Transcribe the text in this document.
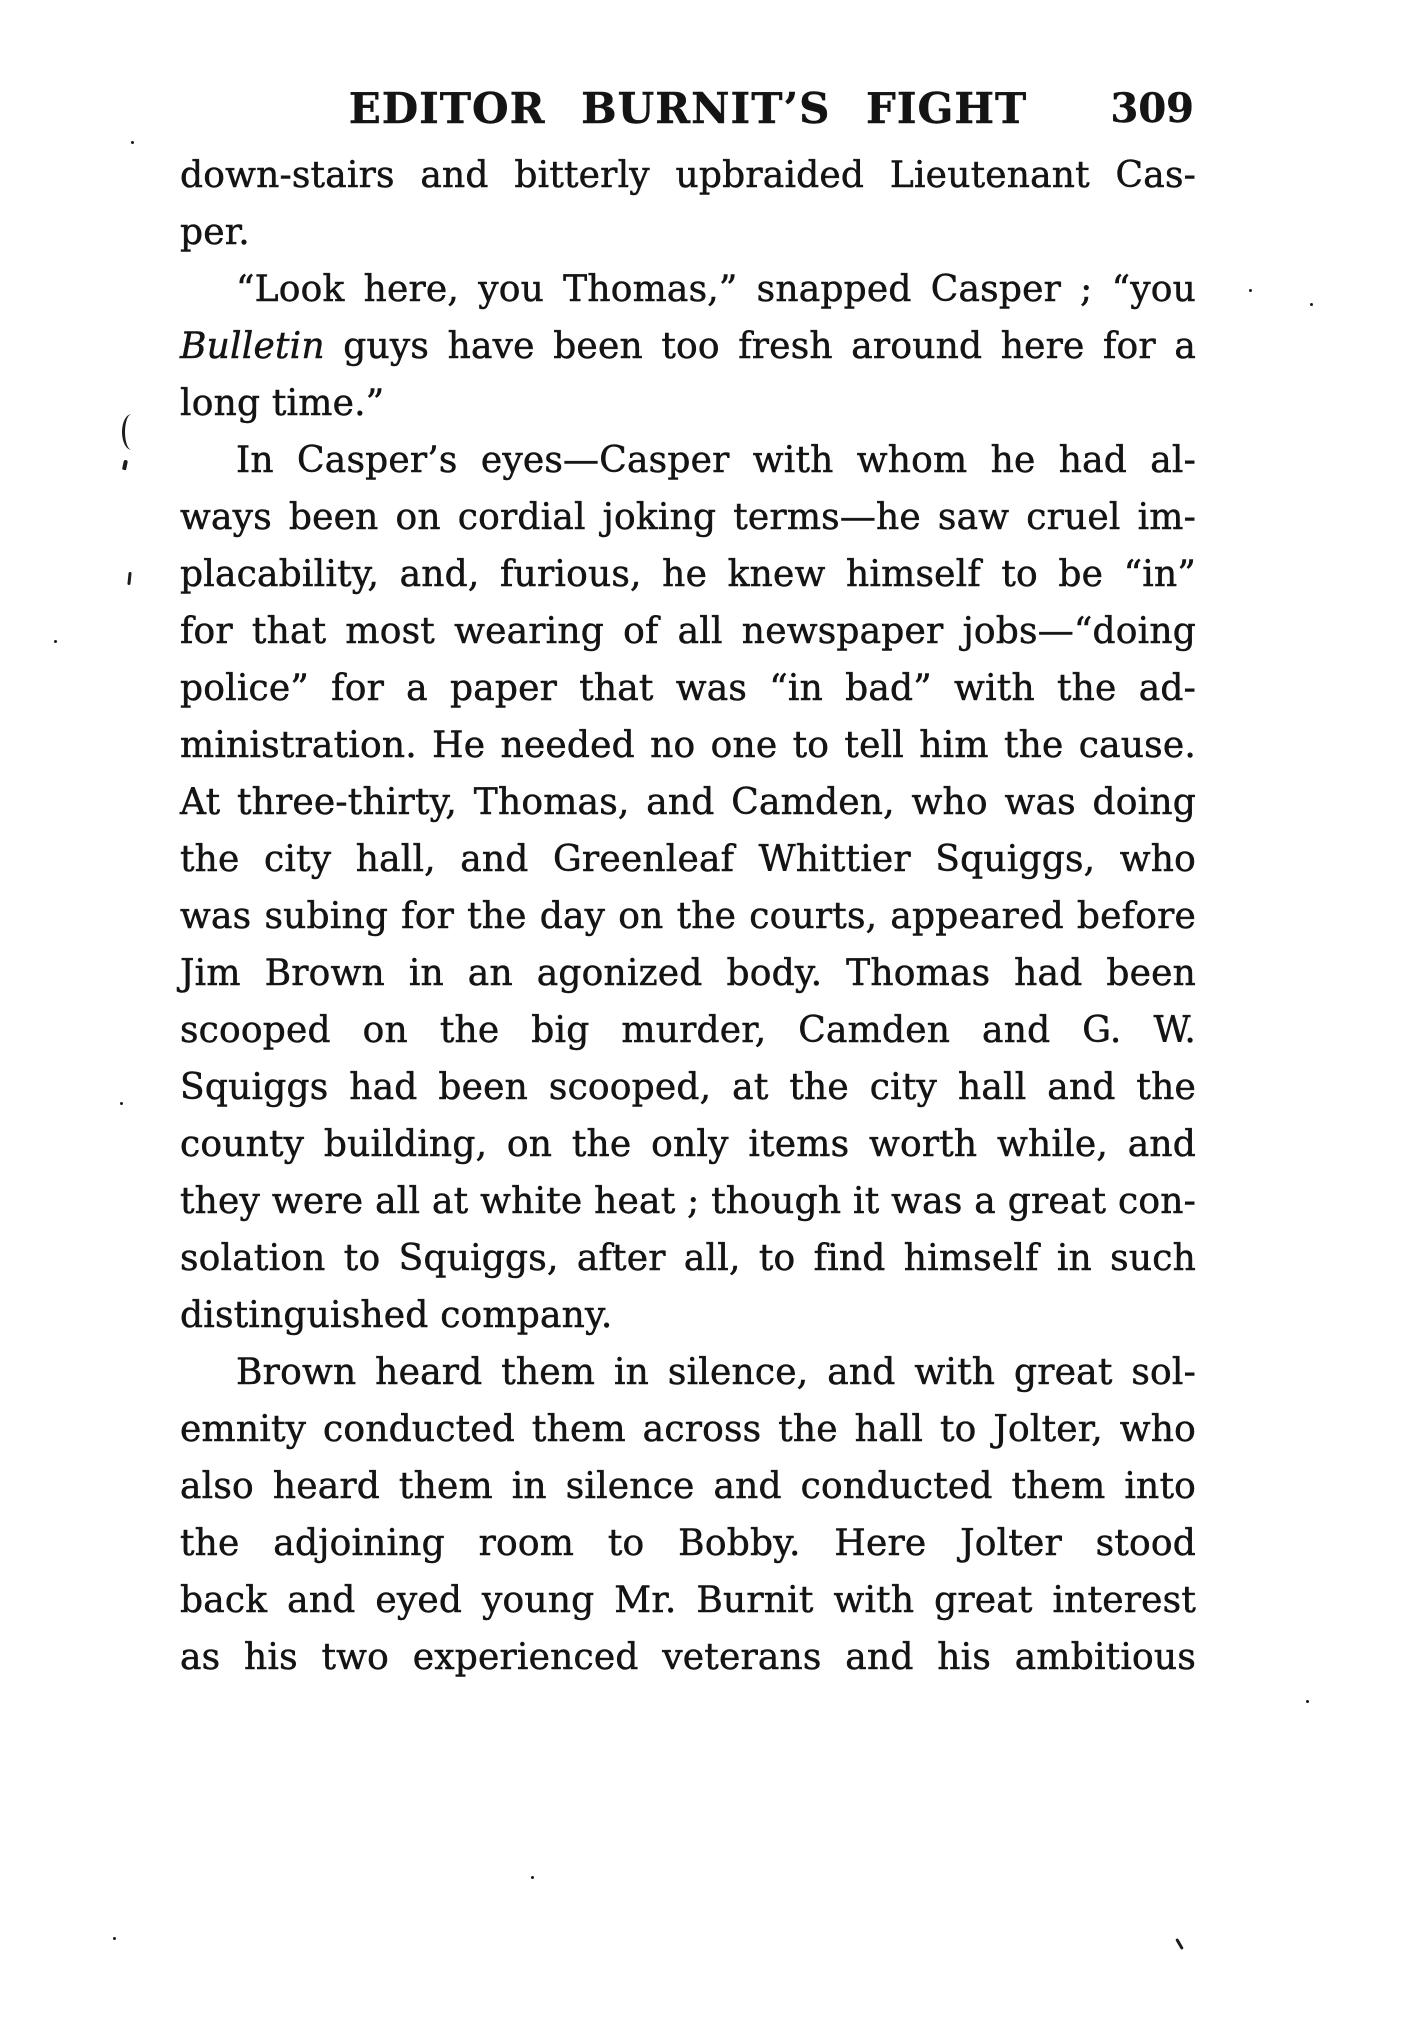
EDITOR BURNIT’S FIGHT	309
down-stairs and bitterly upbraided Lieutenant Cas-
per.
“Look here, you Thomas,” snapped Casper ; “you
Bulletin guys have been too fresh around here for a
long time.”
In Casper’s eyes—Casper with whom he had al-
ways been on cordial joking terms—he saw cruel im-
placability, and, furious, he knew himself to be “in”
for that most wearing of all newspaper jobs—“doing
police” for a paper that was “in bad” with the ad-
ministration. He needed no one to tell him the cause.
At three-thirty, Thomas, and Camden, who was doing
the city hall, and Greenleaf Whittier Squiggs, who
was subing for the day on the courts, appeared before
Jim Brown in an agonized body. Thomas had been
scooped on the big murder, Camden and G. W.
Squiggs had been scooped, at the city hall and the
county building, on the only items worth while, and
they were all at white heat ; though it was a great con-
solation to Squiggs, after all, to find himself in such
distinguished company.
Brown heard them in silence, and with great sol-
emnity conducted them across the hall to Jolter, who
also heard them in silence and conducted them into
the adjoining room to Bobby. Here Jolter stood
back and eyed young Mr. Burnit with great interest
as his two experienced veterans and his ambitious
